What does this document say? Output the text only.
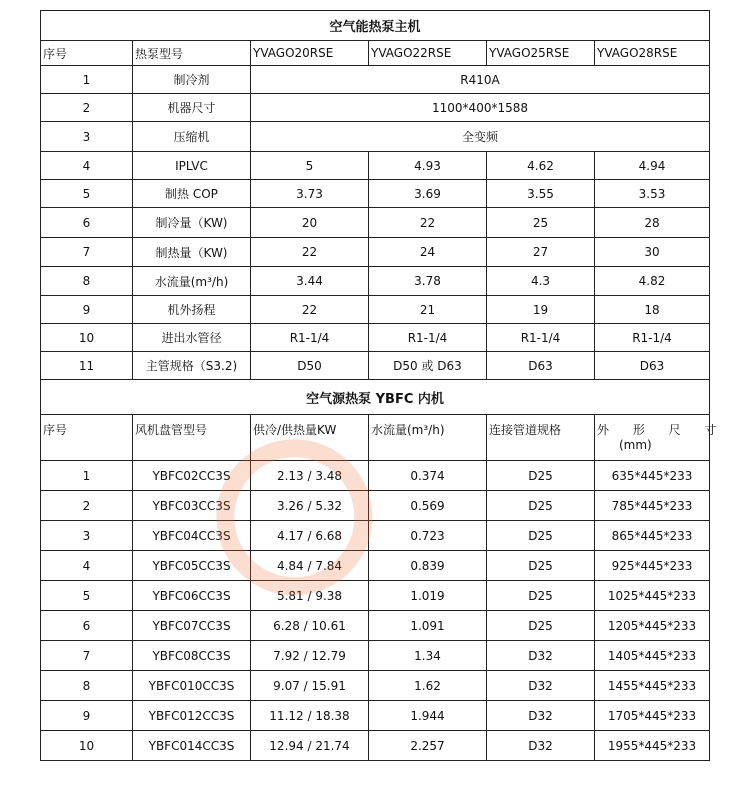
空气能热泵主机					
序号	热泵型号	YVAGO20RSE	YVAGO22RSE	YVAGO25RSE	YVAGO28RSE
1	制冷剂	R410A			
2	机器尺寸	1100*400*1588			
3	压缩机	全变频			
4	IPLVC	5	4.93	4.62	4.94
5	制热 COP	3.73	3.69	3.55	3.53
6	制冷量（KW)	20	22	25	28
7	制热量（KW)	22	24	27	30
8	水流量(m³/h)	3.44	3.78	4.3	4.82
9	机外扬程	22	21	19	18
10	进出水管径	R1-1/4	R1-1/4	R1-1/4	R1-1/4
11	主管规格（S3.2)	D50	D50 或 D63	D63	D63
空气源热泵 YBFC 内机					
序号	风机盘管型号	供冷/供热量KW	水流量(m³/h)	连接管道规格	外 形 尺 寸
(mm)

1	YBFC02CC3S	2.13 / 3.48	0.374	D25	635*445*233
2	YBFC03CC3S	3.26 / 5.32	0.569	D25	785*445*233
3	YBFC04CC3S	4.17 / 6.68	0.723	D25	865*445*233
4	YBFC05CC3S	4.84 / 7.84	0.839	D25	925*445*233
5	YBFC06CC3S	5.81 / 9.38	1.019	D25	1025*445*233
6	YBFC07CC3S	6.28 / 10.61	1.091	D25	1205*445*233
7	YBFC08CC3S	7.92 / 12.79	1.34	D32	1405*445*233
8	YBFC010CC3S	9.07 / 15.91	1.62	D32	1455*445*233
9	YBFC012CC3S	11.12 / 18.38	1.944	D32	1705*445*233
10	YBFC014CC3S	12.94 / 21.74	2.257	D32	1955*445*233
